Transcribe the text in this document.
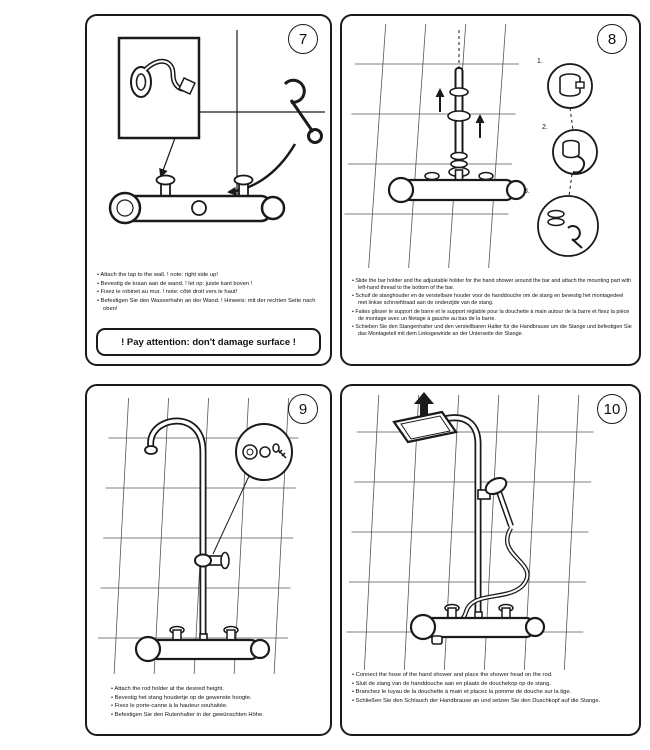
7
• Attach the tap to the wall. ! note: right side up!
• Bevestig de kraan aan de wand. ! let op: juiste kant boven !
• Fixez le robinet au mur. ! note: côté droit vers le haut!
• Befestigen Sie den Wasserhahn an der Wand. ! Hinweis: mit der rechten Seite nach oben!
! Pay attention: don't damage surface !
8
1.
2.
3.
• Slide the bar holder and the adjustable holder for the hand shower around the bar and attach the mounting part with left-hand thread to the bottom of the bar.
• Schuif de stanghouder en de verstelbare houder voor de handdouche om de stang en bevestig het montagedeel met linkse schroefdraad aan de onderzijde van de stang.
• Faites glisser le support de barre et le support réglable pour la douchette à main autour de la barre et fixez la pièce de montage avec un filetage à gauche au bas de la barre.
• Schieben Sie den Stangenhalter und den verstellbaren Halter für die Handbrause um die Stange und befestigen Sie das Montageteil mit dem Linksgewinde an der Unterseite der Stange.
9
• Attach the rod holder at the desired height.
• Bevestig het stang houdertje op de gewenste hoogte.
• Fixez le porte-canne à la hauteur souhaitée.
• Befestigen Sie den Rutenhalter in der gewünschten Höhe.
10
• Connect the hose of the hand shower and place the shower head on the rod.
• Sluit de slang van de handdouche aan en plaats de douchekop op de stang.
• Branchez le tuyau de la douchette à main et placez la pomme de douche sur la tige.
• Schließen Sie den Schlauch der Handbrause an und setzen Sie den Duschkopf auf die Stange.
